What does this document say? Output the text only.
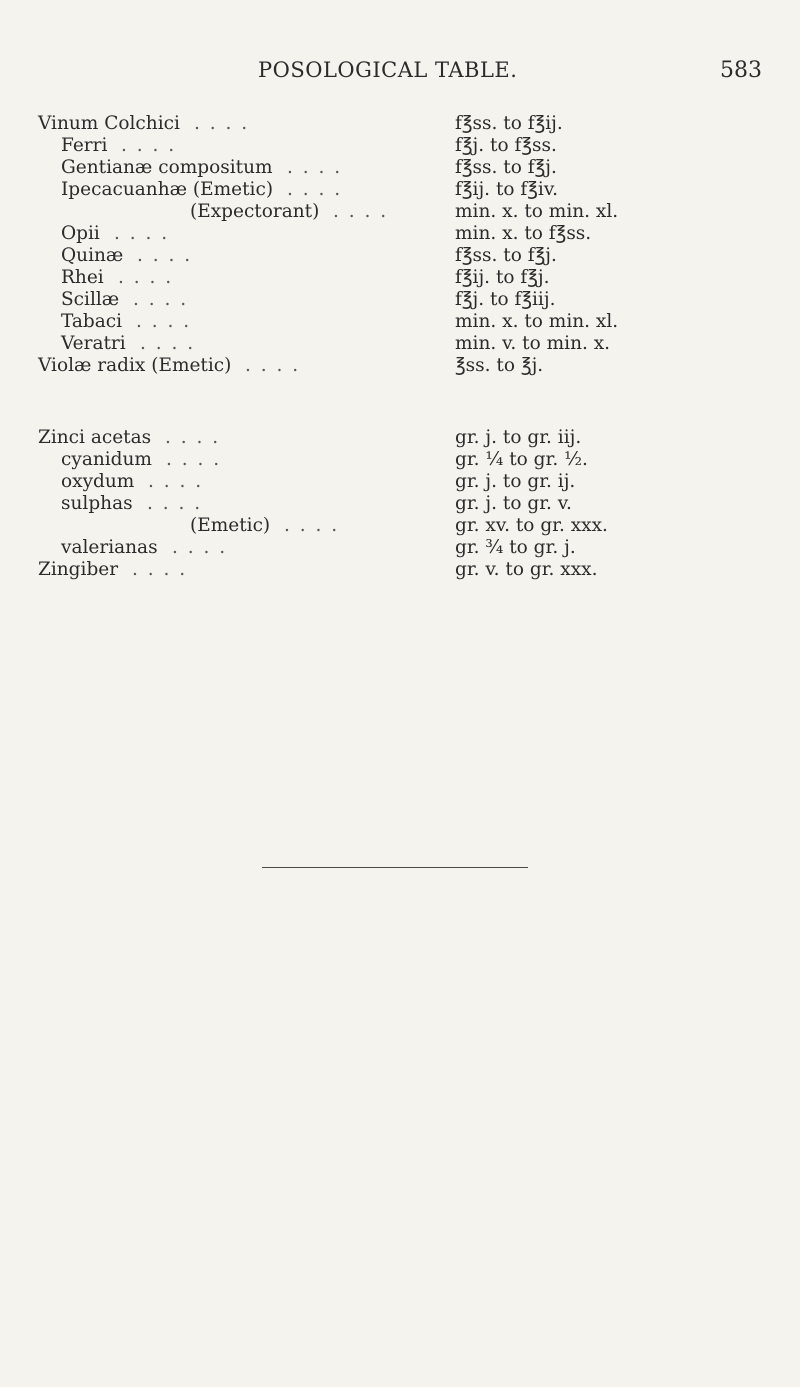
POSOLOGICAL TABLE.	583
Vinum Colchici . . . .	f℥ss. to f℥ij.
Ferri . . . .	f℥j. to f℥ss.
Gentianæ compositum . . . .	f℥ss. to f℥j.
Ipecacuanhæ (Emetic) . . . .	f℥ij. to f℥iv.
(Expectorant) . . . .	min. x. to min. xl.
Opii . . . .	min. x. to f℥ss.
Quinæ . . . .	f℥ss. to f℥j.
Rhei . . . .	f℥ij. to f℥j.
Scillæ . . . .	f℥j. to f℥iij.
Tabaci . . . .	min. x. to min. xl.
Veratri . . . .	min. v. to min. x.
Violæ radix (Emetic) . . . .	℥ss. to ℥j.
Zinci acetas . . . .	gr. j. to gr. iij.
cyanidum . . . .	gr. ¼ to gr. ½.
oxydum . . . .	gr. j. to gr. ij.
sulphas . . . .	gr. j. to gr. v.
(Emetic) . . . .	gr. xv. to gr. xxx.
valerianas . . . .	gr. ¾ to gr. j.
Zingiber . . . .	gr. v. to gr. xxx.
